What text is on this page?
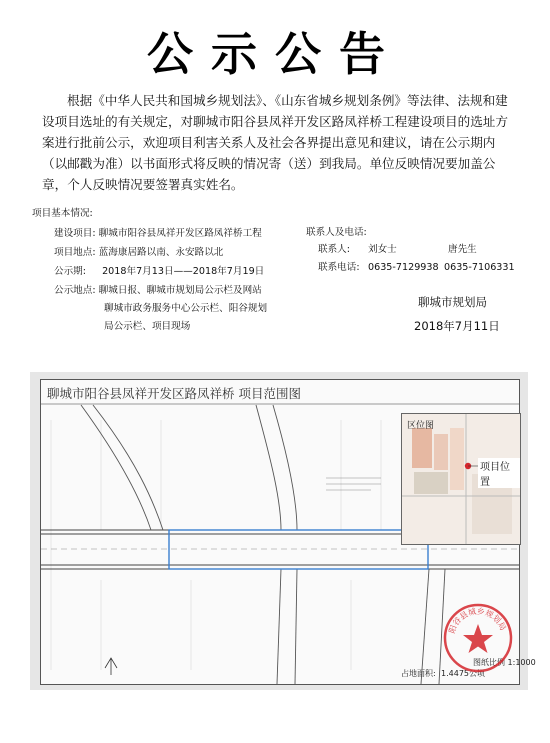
公示公告
根据《中华人民共和国城乡规划法》、《山东省城乡规划条例》等法律、法规和建设项目选址的有关规定，对聊城市阳谷县凤祥开发区路凤祥桥工程建设项目的选址方案进行批前公示，欢迎项目利害关系人及社会各界提出意见和建议，请在公示期内（以邮戳为准）以书面形式将反映的情况寄（送）到我局。单位反映情况要加盖公章，个人反映情况要签署真实姓名。
项目基本情况:
建设项目: 聊城市阳谷县凤祥开发区路凤祥桥工程
项目地点: 蓝海康居路以南、永安路以北
公示期: 2018年7月13日——2018年7月19日
公示地点: 聊城日报、聊城市规划局公示栏及网站
聊城市政务服务中心公示栏、阳谷规划
局公示栏、项目现场
联系人及电话:
联系人: 刘女士	唐先生
联系电话: 0635-7129938 0635-7106331
聊城市规划局
2018年7月11日
聊城市阳谷县凤祥开发区路凤祥桥 项目范围图
区位图
项目位置
占地面积: 1.4475公顷
图纸比例 1:1000
阳谷县城乡规划局
